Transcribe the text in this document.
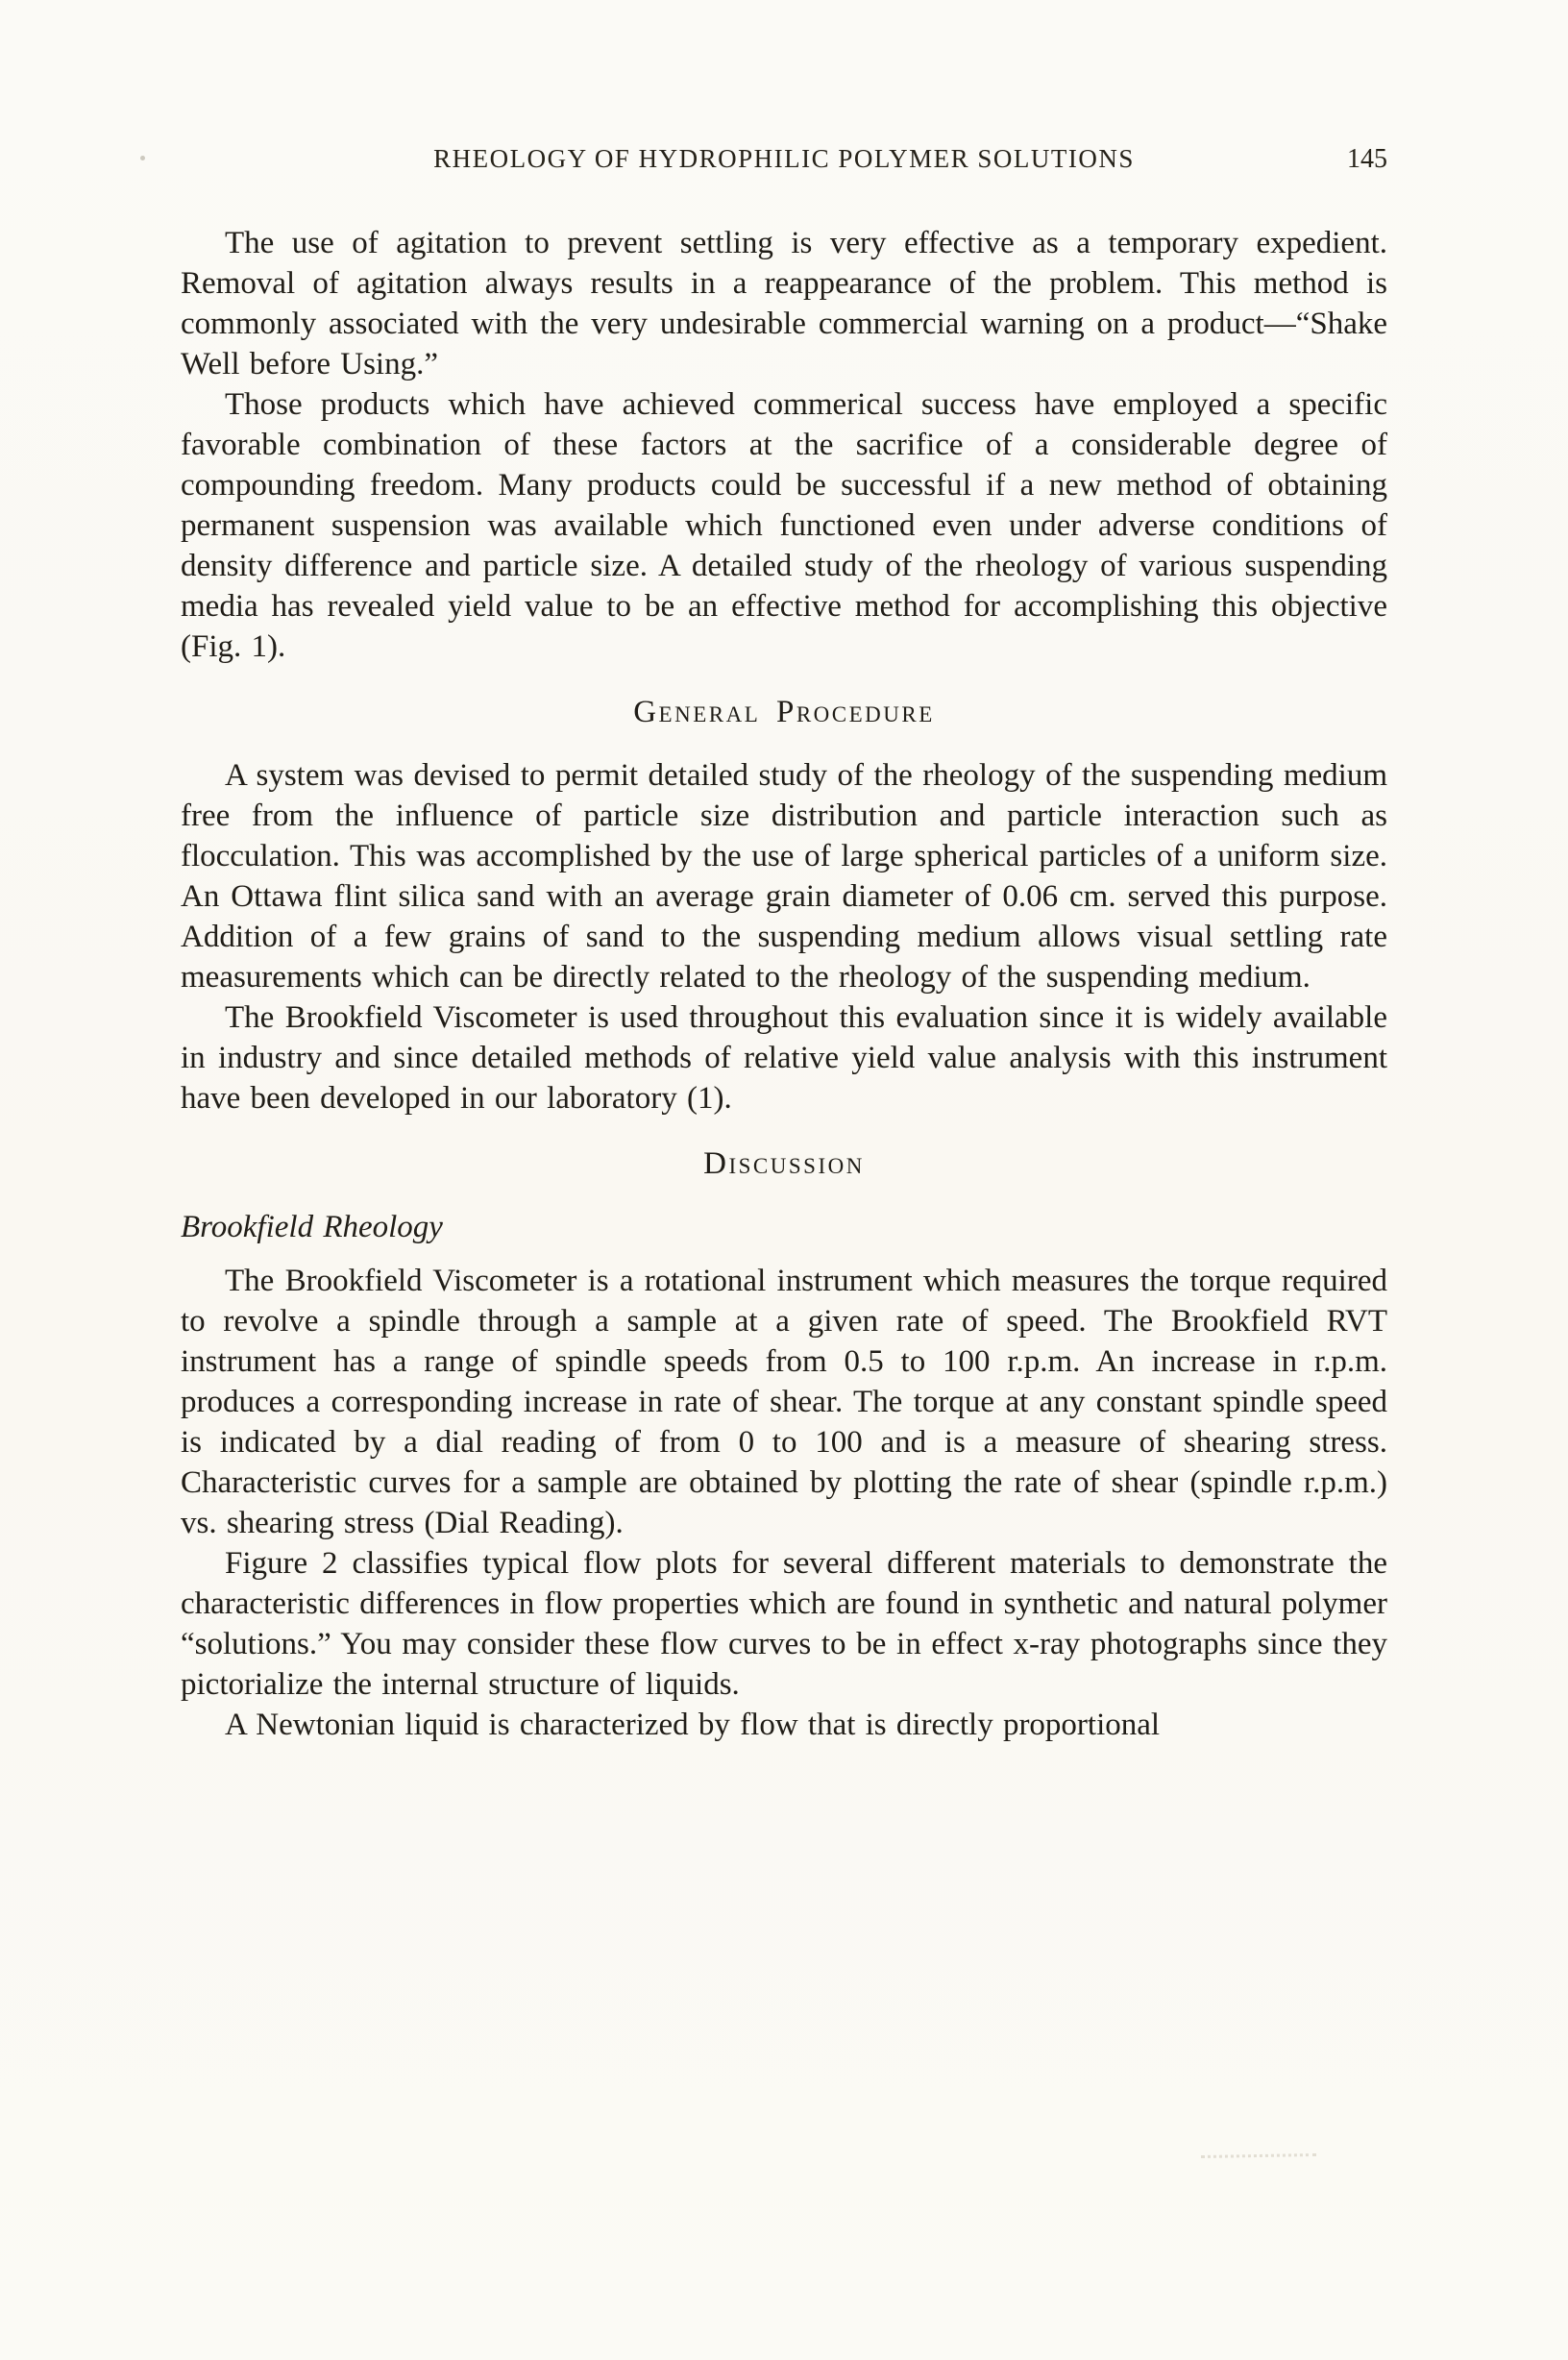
RHEOLOGY OF HYDROPHILIC POLYMER SOLUTIONS	145

The use of agitation to prevent settling is very effective as a temporary expedient. Removal of agitation always results in a reappearance of the problem. This method is commonly associated with the very undesirable commercial warning on a product—“Shake Well before Using.”

Those products which have achieved commerical success have employed a specific favorable combination of these factors at the sacrifice of a considerable degree of compounding freedom. Many products could be successful if a new method of obtaining permanent suspension was available which functioned even under adverse conditions of density difference and particle size. A detailed study of the rheology of various suspending media has revealed yield value to be an effective method for accomplishing this objective (Fig. 1).

General Procedure

A system was devised to permit detailed study of the rheology of the suspending medium free from the influence of particle size distribution and particle interaction such as flocculation. This was accomplished by the use of large spherical particles of a uniform size. An Ottawa flint silica sand with an average grain diameter of 0.06 cm. served this purpose. Addition of a few grains of sand to the suspending medium allows visual settling rate measurements which can be directly related to the rheology of the suspending medium.

The Brookfield Viscometer is used throughout this evaluation since it is widely available in industry and since detailed methods of relative yield value analysis with this instrument have been developed in our laboratory (1).

Discussion

Brookfield Rheology

The Brookfield Viscometer is a rotational instrument which measures the torque required to revolve a spindle through a sample at a given rate of speed. The Brookfield RVT instrument has a range of spindle speeds from 0.5 to 100 r.p.m. An increase in r.p.m. produces a corresponding increase in rate of shear. The torque at any constant spindle speed is indicated by a dial reading of from 0 to 100 and is a measure of shearing stress. Characteristic curves for a sample are obtained by plotting the rate of shear (spindle r.p.m.) vs. shearing stress (Dial Reading).

Figure 2 classifies typical flow plots for several different materials to demonstrate the characteristic differences in flow properties which are found in synthetic and natural polymer “solutions.” You may consider these flow curves to be in effect x-ray photographs since they pictorialize the internal structure of liquids.

A Newtonian liquid is characterized by flow that is directly proportional
